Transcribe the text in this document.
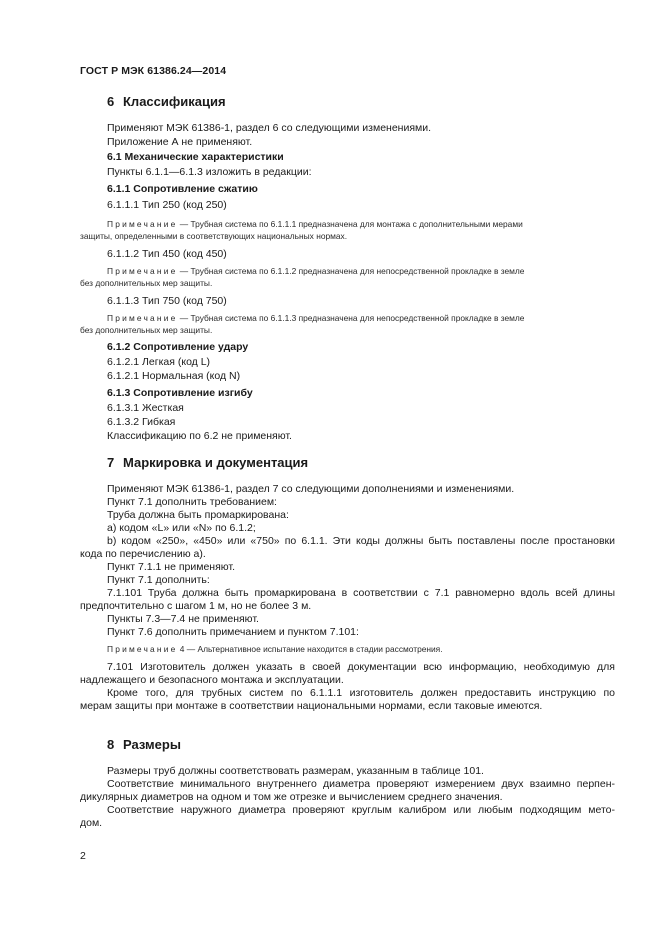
ГОСТ Р МЭК 61386.24—2014
6 Классификация
Применяют МЭК 61386-1, раздел 6 со следующими изменениями.
Приложение А не применяют.
6.1 Механические характеристики
Пункты 6.1.1—6.1.3 изложить в редакции:
6.1.1 Сопротивление сжатию
6.1.1.1 Тип 250 (код 250)
Примечание — Трубная система по 6.1.1.1 предназначена для монтажа с дополнительными мерами
защиты, определенными в соответствующих национальных нормах.
6.1.1.2 Тип 450 (код 450)
Примечание — Трубная система по 6.1.1.2 предназначена для непосредственной прокладке в земле
без дополнительных мер защиты.
6.1.1.3 Тип 750 (код 750)
Примечание — Трубная система по 6.1.1.3 предназначена для непосредственной прокладке в земле
без дополнительных мер защиты.
6.1.2 Сопротивление удару
6.1.2.1 Легкая (код L)
6.1.2.1 Нормальная (код N)
6.1.3 Сопротивление изгибу
6.1.3.1 Жесткая
6.1.3.2 Гибкая
Классификацию по 6.2 не применяют.
7 Маркировка и документация
Применяют МЭК 61386-1, раздел 7 со следующими дополнениями и изменениями.
Пункт 7.1 дополнить требованием:
Труба должна быть промаркирована:
а) кодом «L» или «N» по 6.1.2;
b) кодом «250», «450» или «750» по 6.1.1. Эти коды должны быть поставлены после простановки
кода по перечислению а).
Пункт 7.1.1 не применяют.
Пункт 7.1 дополнить:
7.1.101 Труба должна быть промаркирована в соответствии с 7.1 равномерно вдоль всей длины
предпочтительно с шагом 1 м, но не более 3 м.
Пункты 7.3—7.4 не применяют.
Пункт 7.6 дополнить примечанием и пунктом 7.101:
Примечание 4 — Альтернативное испытание находится в стадии рассмотрения.
7.101 Изготовитель должен указать в своей документации всю информацию, необходимую для
надлежащего и безопасного монтажа и эксплуатации.
Кроме того, для трубных систем по 6.1.1.1 изготовитель должен предоставить инструкцию по
мерам защиты при монтаже в соответствии национальными нормами, если таковые имеются.
8 Размеры
Размеры труб должны соответствовать размерам, указанным в таблице 101.
Соответствие минимального внутреннего диаметра проверяют измерением двух взаимно перпен-
дикулярных диаметров на одном и том же отрезке и вычислением среднего значения.
Соответствие наружного диаметра проверяют круглым калибром или любым подходящим мето-
дом.
2
